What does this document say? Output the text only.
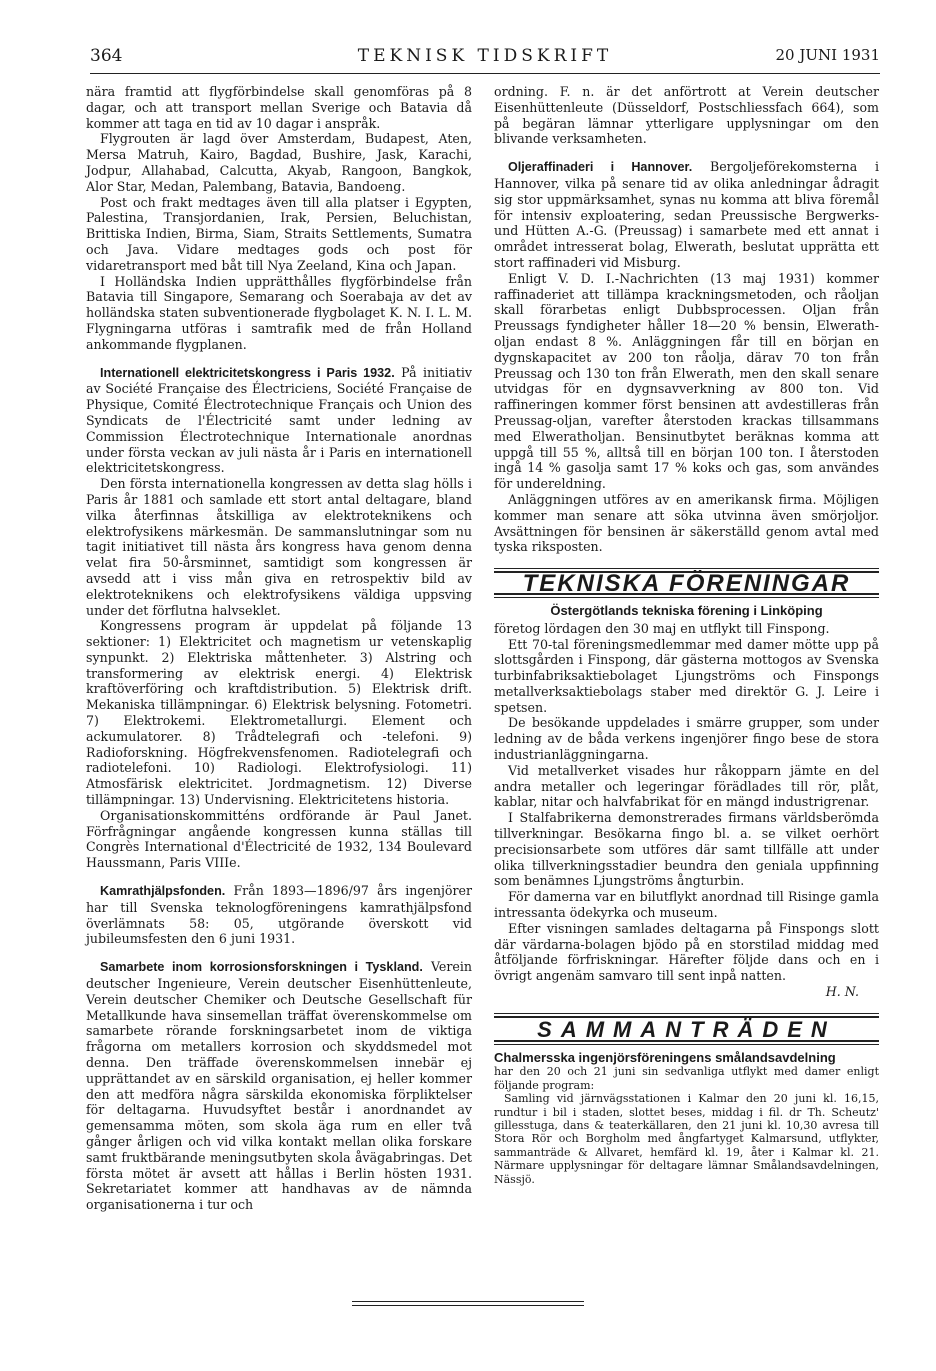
364	TEKNISK TIDSKRIFT	20 JUNI 1931

nära framtid att flygförbindelse skall genomföras på 8 dagar, och att transport mellan Sverige och Batavia då kommer att taga en tid av 10 dagar i anspråk.

Flygrouten är lagd över Amsterdam, Budapest, Aten, Mersa Matruh, Kairo, Bagdad, Bushire, Jask, Karachi, Jodpur, Allahabad, Calcutta, Akyab, Rangoon, Bangkok, Alor Star, Medan, Palembang, Batavia, Bandoeng.

Post och frakt medtages även till alla platser i Egypten, Palestina, Transjordanien, Irak, Persien, Beluchistan, Brittiska Indien, Birma, Siam, Straits Settlements, Sumatra och Java. Vidare medtages gods och post för vidaretransport med båt till Nya Zeeland, Kina och Japan.

I Holländska Indien upprätthålles flygförbindelse från Batavia till Singapore, Semarang och Soerabaja av det av holländska staten subventionerade flygbolaget K. N. I. L. M. Flygningarna utföras i samtrafik med de från Holland ankommande flygplanen.

Internationell elektricitetskongress i Paris 1932. På initiativ av Société Française des Électriciens, Société Française de Physique, Comité Électrotechnique Français och Union des Syndicats de l'Électricité samt under ledning av Commission Électrotechnique Internationale anordnas under första veckan av juli nästa år i Paris en internationell elektricitetskongress.

Den första internationella kongressen av detta slag hölls i Paris år 1881 och samlade ett stort antal deltagare, bland vilka återfinnas åtskilliga av elektroteknikens och elektrofysikens märkesmän. De sammanslutningar som nu tagit initiativet till nästa års kongress hava genom denna velat fira 50-årsminnet, samtidigt som kongressen är avsedd att i viss mån giva en retrospektiv bild av elektroteknikens och elektrofysikens väldiga uppsving under det förflutna halvseklet.

Kongressens program är uppdelat på följande 13 sektioner: 1) Elektricitet och magnetism ur vetenskaplig synpunkt. 2) Elektriska måttenheter. 3) Alstring och transformering av elektrisk energi. 4) Elektrisk kraftöverföring och kraftdistribution. 5) Elektrisk drift. Mekaniska tillämpningar. 6) Elektrisk belysning. Fotometri. 7) Elektrokemi. Elektrometallurgi. Element och ackumulatorer. 8) Trådtelegrafi och -telefoni. 9) Radioforskning. Högfrekvensfenomen. Radiotelegrafi och radiotelefoni. 10) Radiologi. Elektrofysiologi. 11) Atmosfärisk elektricitet. Jordmagnetism. 12) Diverse tillämpningar. 13) Undervisning. Elektricitetens historia.

Organisationskommitténs ordförande är Paul Janet. Förfrågningar angående kongressen kunna ställas till Congrès International d'Électricité de 1932, 134 Boulevard Haussmann, Paris VIIIe.

Kamrathjälpsfonden. Från 1893—1896/97 års ingenjörer har till Svenska teknologföreningens kamrathjälpsfond överlämnats 58: 05, utgörande överskott vid jubileumsfesten den 6 juni 1931.

Samarbete inom korrosionsforskningen i Tyskland. Verein deutscher Ingenieure, Verein deutscher Eisenhüttenleute, Verein deutscher Chemiker och Deutsche Gesellschaft für Metallkunde hava sinsemellan träffat överenskommelse om samarbete rörande forskningsarbetet inom de viktiga frågorna om metallers korrosion och skyddsmedel mot denna. Den träffade överenskommelsen innebär ej upprättandet av en särskild organisation, ej heller kommer den att medföra några särskilda ekonomiska förpliktelser för deltagarna. Huvudsyftet består i anordnandet av gemensamma möten, som skola äga rum en eller två gånger årligen och vid vilka kontakt mellan olika forskare samt fruktbärande meningsutbyten skola åvägabringas. Det första mötet är avsett att hållas i Berlin hösten 1931. Sekretariatet kommer att handhavas av de nämnda organisationerna i tur och

ordning. F. n. är det anförtrott at Verein deutscher Eisenhüttenleute (Düsseldorf, Postschliessfach 664), som på begäran lämnar ytterligare upplysningar om den blivande verksamheten.

Oljeraffinaderi i Hannover. Bergoljeförekomsterna i Hannover, vilka på senare tid av olika anledningar ådragit sig stor uppmärksamhet, synas nu komma att bliva föremål för intensiv exploatering, sedan Preussische Bergwerks- und Hütten A.-G. (Preussag) i samarbete med ett annat i området intresserat bolag, Elwerath, beslutat upprätta ett stort raffinaderi vid Misburg.

Enligt V. D. I.-Nachrichten (13 maj 1931) kommer raffinaderiet att tillämpa krackningsmetoden, och råoljan skall förarbetas enligt Dubbsprocessen. Oljan från Preussags fyndigheter håller 18—20 % bensin, Elwerath-oljan endast 8 %. Anläggningen får till en början en dygnskapacitet av 200 ton råolja, därav 70 ton från Preussag och 130 ton från Elwerath, men den skall senare utvidgas för en dygnsavverkning av 800 ton. Vid raffineringen kommer först bensinen att avdestilleras från Preussag-oljan, varefter återstoden krackas tillsammans med Elweratholjan. Bensinutbytet beräknas komma att uppgå till 55 %, alltså till en början 100 ton. I återstoden ingå 14 % gasolja samt 17 % koks och gas, som användes för undereldning.

Anläggningen utföres av en amerikansk firma. Möjligen kommer man senare att söka utvinna även smörjoljor. Avsättningen för bensinen är säkerställd genom avtal med tyska riksposten.

TEKNISKA FÖRENINGAR
Östergötlands tekniska förening i Linköping

företog lördagen den 30 maj en utflykt till Finspong.

Ett 70-tal föreningsmedlemmar med damer mötte upp på slottsgården i Finspong, där gästerna mottogos av Svenska turbinfabriksaktiebolaget Ljungströms och Finspongs metallverksaktiebolags staber med direktör G. J. Leire i spetsen.

De besökande uppdelades i smärre grupper, som under ledning av de båda verkens ingenjörer fingo bese de stora industrianläggningarna.

Vid metallverket visades hur råkopparn jämte en del andra metaller och legeringar förädlades till rör, plåt, kablar, nitar och halvfabrikat för en mängd industrigrenar.

I Stalfabrikerna demonstrerades firmans världsberömda tillverkningar. Besökarna fingo bl. a. se vilket oerhört precisionsarbete som utföres där samt tillfälle att under olika tillverkningsstadier beundra den geniala uppfinning som benämnes Ljungströms ångturbin.

För damerna var en bilutflykt anordnad till Risinge gamla intressanta ödekyrka och museum.

Efter visningen samlades deltagarna på Finspongs slott där värdarna-bolagen bjödo på en storstilad middag med åtföljande förfriskningar. Härefter följde dans och en i övrigt angenäm samvaro till sent inpå natten.

H. N.
SAMMANTRÄDEN
Chalmersska ingenjörsföreningens smålandsavdelning

har den 20 och 21 juni sin sedvanliga utflykt med damer enligt följande program:

Samling vid järnvägsstationen i Kalmar den 20 juni kl. 16,15, rundtur i bil i staden, slottet beses, middag i fil. dr Th. Scheutz' gillesstuga, dans & teaterkällaren, den 21 juni kl. 10,30 avresa till Stora Rör och Borgholm med ångfartyget Kalmarsund, utflykter, sammanträde & Allvaret, hemfärd kl. 19, åter i Kalmar kl. 21. Närmare upplysningar för deltagare lämnar Smålandsavdelningen, Nässjö.
